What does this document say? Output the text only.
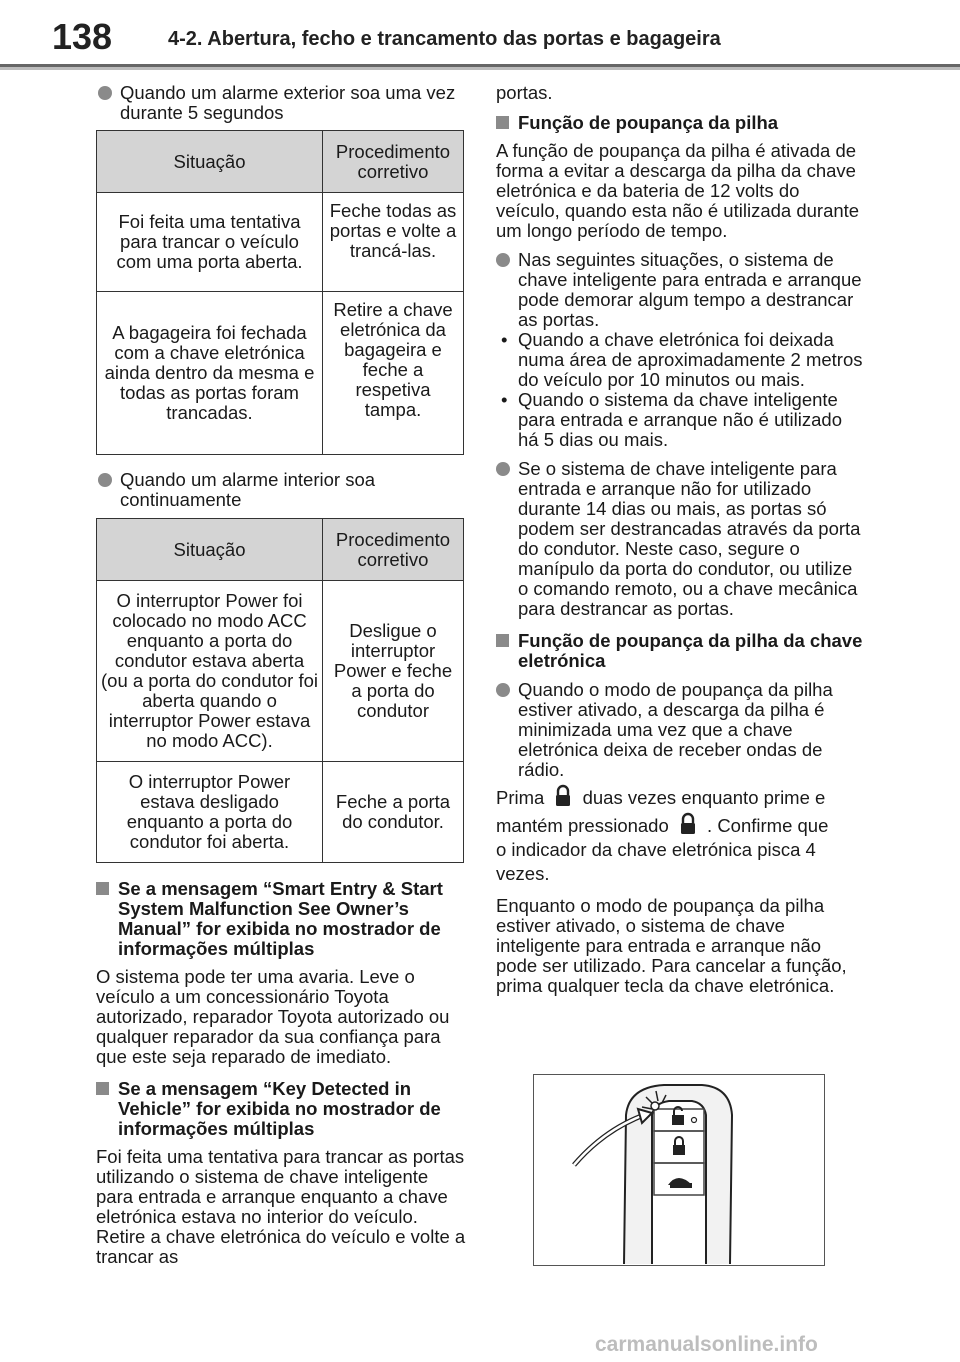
138	4-2. Abertura, fecho e trancamento das portas e bagageira
Quando um alarme exterior soa uma vez durante 5 segundos
Situação	Procedimento corretivo
Foi feita uma tentativa para trancar o veículo com uma porta aberta.	Feche todas as portas e volte a trancá-las.
A bagageira foi fechada com a chave eletrónica ainda dentro da mesma e todas as portas foram trancadas.	Retire a chave eletrónica da bagageira e feche a respetiva tampa.
Quando um alarme interior soa continuamente
Situação	Procedimento corretivo
O interruptor Power foi colocado no modo ACC enquanto a porta do condutor estava aberta (ou a porta do condutor foi aberta quando o interruptor Power estava no modo ACC).	Desligue o interruptor Power e feche a porta do condutor
O interruptor Power estava desligado enquanto a porta do condutor foi aberta.	Feche a porta do condutor.
Se a mensagem “Smart Entry & Start System Malfunction See Owner’s Manual” for exibida no mostrador de informações múltiplas

O sistema pode ter uma avaria. Leve o veículo a um concessionário Toyota autorizado, reparador Toyota autorizado ou qualquer reparador da sua confiança para que este seja reparado de imediato.

Se a mensagem “Key Detected in Vehicle” for exibida no mostrador de informações múltiplas

Foi feita uma tentativa para trancar as portas utilizando o sistema de chave inteligente para entrada e arranque enquanto a chave eletrónica estava no interior do veículo. Retire a chave eletrónica do veículo e volte a trancar as

portas.

Função de poupança da pilha

A função de poupança da pilha é ativada de forma a evitar a descarga da pilha da chave eletrónica e da bateria de 12 volts do veículo, quando esta não é utilizada durante um longo período de tempo.

Nas seguintes situações, o sistema de chave inteligente para entrada e arranque pode demorar algum tempo a destrancar as portas.
• Quando a chave eletrónica foi deixada numa área de aproximadamente 2 metros do veículo por 10 minutos ou mais.
• Quando o sistema da chave inteligente para entrada e arranque não é utilizado há 5 dias ou mais.
Se o sistema de chave inteligente para entrada e arranque não for utilizado durante 14 dias ou mais, as portas só podem ser destrancadas através da porta do condutor. Neste caso, segure o manípulo da porta do condutor, ou utilize o comando remoto, ou a chave mecânica para destrancar as portas.
Função de poupança da pilha da chave eletrónica
Quando o modo de poupança da pilha estiver ativado, a descarga da pilha é minimizada uma vez que a chave eletrónica deixa de receber ondas de rádio.

Prima duas vezes enquanto prime e
mantém pressionado . Confirme que
o indicador da chave eletrónica pisca 4
vezes.

Enquanto o modo de poupança da pilha estiver ativado, o sistema de chave inteligente para entrada e arranque não pode ser utilizado. Para cancelar a função, prima qualquer tecla da chave eletrónica.

carmanualsonline.info
